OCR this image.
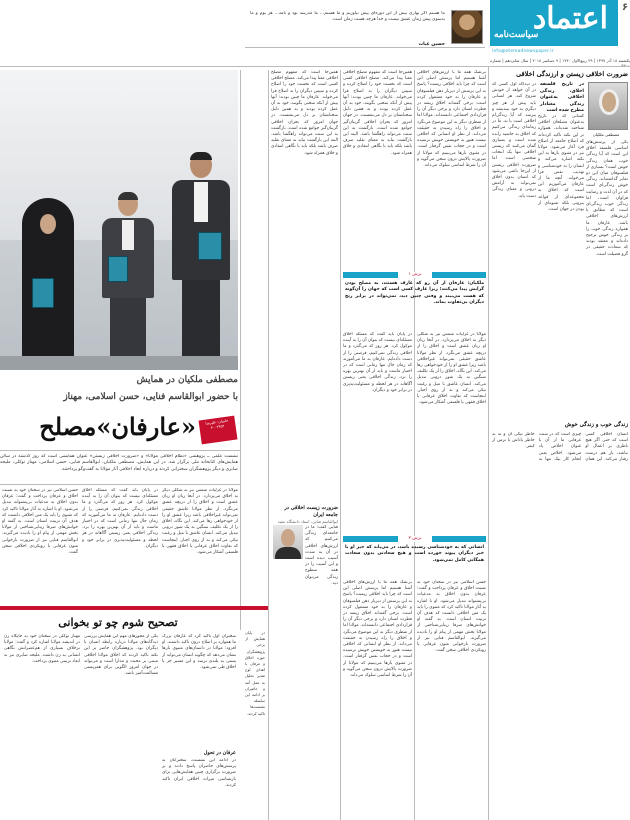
اعتماد
سیاست‌نامه
info@etemadnewspaper.ir
۶
یکشنبه ۱۸ آذر ۱۳۹۷ | ۲۹ ربیع‌الاول ۱۴۴۰ | ۹ دسامبر ۲۰۱۸ | سال شانزدهم | شماره
ما هستم اگر بهاری بیش از این دوره‌ای پیش نیاوریم و ما هستم... ما مدرسه بود و نامه... هر بوم و ما به‌سوی پیش زمان عشق نیست و خدا هرچه هست زمان است.
حسین غیاث
ضرورت اخلاقی زیستن و ارزندگی اخلاقی
مصطفی ملکیان
در تاریخ فلسفه اخلاق، زندگی اخلاقی به‌عنوان زندگی معنادار مطرح شده است
در دیدگاه اول کسی که در آن خواهد از خودش شروع کند، هر انسانی باید پیش از هر چیز دیگری به خود بیندیشد و بپرسد که آیا زندگی‌ام اخلاقی است یا نه. ما در زمانه‌ای زندگی می‌کنیم که اخلاق به حاشیه رانده شده است و بسیاری گمان می‌کنند که زیستن اخلاقی تنها یک انتخاب شخصی است. اما ضرورت اخلاقی زیستن از این‌جا ناشی می‌شود که انسان بدون اخلاق نمی‌تواند به آرامش درونی و معنای زندگی دست یابد.
کسانی که در تاریخ به‌عنوان مصلحان اخلاقی شناخته شده‌اند، همواره بر این نکته تاکید کرده‌اند که اصلاح جامعه از اصلاح فرد آغاز می‌شود. مولانا نیز در مثنوی بارها به این نکته اشاره می‌کند و انسان را به خودشناسی و تهذیب نفس فرا می‌خواند. آنچه ما از عارفان می‌آموزیم این است که اخلاق نه مجموعه‌ای از قواعد بیرونی بلکه شیوه‌ای از بودن در جهان است.
یکی از پرسش‌های اساسی فلسفه اخلاق این است که آیا زندگی خوب همان زندگی خوش است؟ بسیاری از فیلسوفان میان این دو تمایز گذاشته‌اند. زندگی خوش زندگی‌ای است که در آن لذت و رضایت فراوان است، اما زندگی خوب زندگی‌ای است که مطابق با ارزش‌های اخلاقی باشد. عارفان ما همواره زندگی خوب را بر زندگی خوش ترجیح داده‌اند و معتقد بودند که سعادت حقیقی در گرو فضیلت است.
زندگی خوب و زندگی خوش
انسان اخلاقی کسی است که حتی اگر هیچ ناظری بر اعمال او نباشد، باز هم درست رفتار می‌کند. این همان چیزی است که در سنت عرفانی ما از آن با عنوان اخلاص یاد می‌شود. اخلاص یعنی انجام کار نیک تنها به خاطر نیکی آن و نه به خاطر پاداش یا ترس از کیفر.
بی‌شک همه ما با ارزش‌های اخلاقی آشنا هستیم اما پرسش اصلی این است که چرا باید اخلاقی زیست؟ پاسخ به این پرسش از دیرباز ذهن فیلسوفان و عارفان را به خود مشغول کرده است. برخی گفته‌اند اخلاق ریشه در فطرت انسان دارد و برخی دیگر آن را قراردادی اجتماعی دانسته‌اند. مولانا اما از منظری دیگر به این موضوع می‌نگرد و اخلاق را راه رسیدن به حقیقت می‌داند. از نظر او انسانی که اخلاقی نیست هنوز به خویشتن خویش نرسیده است و در حجاب نفس گرفتار است. در مثنوی بارها می‌بینیم که مولانا از ضرورت پالایش درون سخن می‌گوید و آن را شرط اساسی سلوک می‌داند.
همین‌جا است که مفهوم مصلح اخلاقی معنا پیدا می‌کند. مصلح اخلاقی کسی است که نخست خود را اصلاح کرده و سپس دیگران را به اصلاح فرا می‌خواند. عارفان ما چنین بودند؛ آنها پیش از آنکه سخنی بگویند، خود به آن عمل کرده بودند و به همین دلیل سخنانشان بر دل می‌نشست. در جهان امروز که بحران اخلاقی گریبان‌گیر جوامع شده است، بازگشت به این سنت می‌تواند راهگشا باشد. البته این بازگشت نباید به معنای تقلید صرف باشد بلکه باید با نگاهی انتقادی و خلاق همراه شود.
برش ۱
ملکیان: عارفان از آن رو که عارف هستند، به مصلح بودن گرایش پیدا می‌کنند؛ زیرا عارف کسی است که جهان را آن‌گونه که هست می‌بیند و وقتی چنین دید، نمی‌تواند در برابر رنج دیگران بی‌تفاوت بماند.
مولانا در غزلیات شمس نیز به شکلی دیگر به اخلاق می‌پردازد. در آنجا زبان او زبان عشق است و اخلاق را از دریچه عشق می‌نگرد. از نظر مولانا عاشق حقیقی نمی‌تواند غیراخلاقی باشد زیرا عشق او را از خودخواهی رها می‌کند. این نگاه، اخلاق را از یک تکلیف سنگین به یک شور درونی تبدیل می‌کند. انسان عاشق با میل و رغبت نیکی می‌کند و نه از روی اجبار. اینجاست که تفاوت اخلاق عرفانی با اخلاق فقهی یا فلسفی آشکار می‌شود.
در پایان باید گفت که مسئله اخلاق مسئله‌ای نیست که بتوان آن را به آینده موکول کرد. هر روز که می‌گذرد و ما اخلاقی زندگی نمی‌کنیم، فرصتی را از دست داده‌ایم. عارفان به ما می‌آموزند که زمان حال تنها زمانی است که در اختیار ماست و باید از آن بهترین بهره را برد. زندگی اخلاقی یعنی زیستن آگاهانه در هر لحظه و مسئولیت‌پذیری در برابر خود و دیگران.
برش ۲
انسانی که به خودشناسی رسیده باشد، در می‌یابد که خیر او با خیر دیگران پیوند خورده است و هیچ سعادتی بدون سعادت همگانی کامل نمی‌شود.
حسن اسلامی نیز در سخنان خود به نسبت اخلاق و عرفان پرداخت و گفت: عرفان بدون اخلاق به مدعیات بی‌پشتوانه تبدیل می‌شود. او با اشاره به آثار مولانا تاکید کرد که مثنوی را باید یک متن اخلاقی دانست که هدف آن تربیت انسان است. به گفته او خوانش‌های صرفا زیبایی‌شناختی از مولانا بخش مهمی از پیام او را نادیده می‌گیرند. ابوالقاسم فنایی نیز از ضرورت بازخوانی متون عرفانی با رویکردی اخلاقی سخن گفت.
بی‌شک همه ما با ارزش‌های اخلاقی آشنا هستیم اما پرسش اصلی این است که چرا باید اخلاقی زیست؟ پاسخ به این پرسش از دیرباز ذهن فیلسوفان و عارفان را به خود مشغول کرده است. برخی گفته‌اند اخلاق ریشه در فطرت انسان دارد و برخی دیگر آن را قراردادی اجتماعی دانسته‌اند. مولانا اما از منظری دیگر به این موضوع می‌نگرد و اخلاق را راه رسیدن به حقیقت می‌داند. از نظر او انسانی که اخلاقی نیست هنوز به خویشتن خویش نرسیده است و در حجاب نفس گرفتار است. در مثنوی بارها می‌بینیم که مولانا از ضرورت پالایش درون سخن می‌گوید و آن را شرط اساسی سلوک می‌داند.
همین‌جا است که مفهوم مصلح اخلاقی معنا پیدا می‌کند. مصلح اخلاقی کسی است که نخست خود را اصلاح کرده و سپس دیگران را به اصلاح فرا می‌خواند. عارفان ما چنین بودند؛ آنها پیش از آنکه سخنی بگویند، خود به آن عمل کرده بودند و به همین دلیل سخنانشان بر دل می‌نشست. در جهان امروز که بحران اخلاقی گریبان‌گیر جوامع شده است، بازگشت به این سنت می‌تواند راهگشا باشد. البته این بازگشت نباید به معنای تقلید صرف باشد بلکه باید با نگاهی انتقادی و خلاق همراه شود.
ضرورت زیست اخلاقی در جامعه ایران
ابوالقاسم فنایی، استاد دانشگاه مفید
فنایی گفت: ما در جامعه‌ای زندگی می‌کنیم که ارزش‌های اخلاقی در آن به شدت آسیب دیده است و این آسیب را در همه سطوح زندگی می‌توان دید.
مصطفی ملکیان در همایش
با حضور ابوالقاسم فنایی، حسن اسلامی، مهناز
«عارفان»مصلح	حامیان: علیرضا
۳۰۰۲۴۵۳
نشست علمی ــ پژوهشی «نظام اخلاقی مولانا» و «ضرورت اخلاقی زیستن» عنوان همایشی است که روز گذشته در سالن همایش‌های کتابخانه ملی برگزار شد. در این همایش، مصطفی ملکیان، ابوالقاسم فنایی، حسن اسلامی، مهناز توکلی، ملیحه صابری و دیگر پژوهشگران سخنرانی کردند و درباره ابعاد اخلاقی آثار مولانا به گفت‌وگو پرداختند.
مولانا در غزلیات شمس نیز به شکلی دیگر به اخلاق می‌پردازد. در آنجا زبان او زبان عشق است و اخلاق را از دریچه عشق می‌نگرد. از نظر مولانا عاشق حقیقی نمی‌تواند غیراخلاقی باشد زیرا عشق او را از خودخواهی رها می‌کند. این نگاه، اخلاق را از یک تکلیف سنگین به یک شور درونی تبدیل می‌کند. انسان عاشق با میل و رغبت نیکی می‌کند و نه از روی اجبار. اینجاست که تفاوت اخلاق عرفانی با اخلاق فقهی یا فلسفی آشکار می‌شود.
در پایان باید گفت که مسئله اخلاق مسئله‌ای نیست که بتوان آن را به آینده موکول کرد. هر روز که می‌گذرد و ما اخلاقی زندگی نمی‌کنیم، فرصتی را از دست داده‌ایم. عارفان به ما می‌آموزند که زمان حال تنها زمانی است که در اختیار ماست و باید از آن بهترین بهره را برد. زندگی اخلاقی یعنی زیستن آگاهانه در هر لحظه و مسئولیت‌پذیری در برابر خود و دیگران.
حسن اسلامی نیز در سخنان خود به نسبت اخلاق و عرفان پرداخت و گفت: عرفان بدون اخلاق به مدعیات بی‌پشتوانه تبدیل می‌شود. او با اشاره به آثار مولانا تاکید کرد که مثنوی را باید یک متن اخلاقی دانست که هدف آن تربیت انسان است. به گفته او خوانش‌های صرفا زیبایی‌شناختی از مولانا بخش مهمی از پیام او را نادیده می‌گیرند. ابوالقاسم فنایی نیز از ضرورت بازخوانی متون عرفانی با رویکردی اخلاقی سخن گفت.
تصحیح شوم چو تو بخوانی
سخنران اول تاکید کرد که عارفان بزرگ ما همواره بر اصلاح درون تاکید داشتند. او افزود: مولانا در داستان‌های مثنوی بارها نشان می‌دهد که چگونه انسان می‌تواند از پستی به بلندی برسد و این مسیر جز با اخلاق طی نمی‌شود.
یکی از محورهای مهم این همایش بررسی دیدگاه‌های مولانا درباره رابطه انسان با دیگران بود. پژوهشگران حاضر بر این نکته تاکید کردند که اخلاق مولانا اخلاقی مبتنی بر محبت و مدارا است و می‌تواند در جهان امروز الگویی برای همزیستی مسالمت‌آمیز باشد.
مهناز توکلی در سخنان خود به جایگاه زن در اندیشه مولانا اشاره کرد و گفت: مولانا برخلاف بسیاری از هم‌عصرانش نگاهی انسانی به زن داشت. ملیحه صابری نیز به ابعاد تربیتی مثنوی پرداخت.
عرفان در تحول
در ادامه این نشست، سخنرانان به پرسش‌های حاضران پاسخ دادند و بر ضرورت برگزاری چنین همایش‌هایی برای بازشناسی میراث اخلاقی ایران تاکید کردند.
در پایان همایش از برخی پژوهشگران حوزه اخلاق و عرفان با اهدای لوح تقدیر تجلیل به عمل آمد و حاضران بر ادامه این سلسله نشست‌ها تاکید کردند.
